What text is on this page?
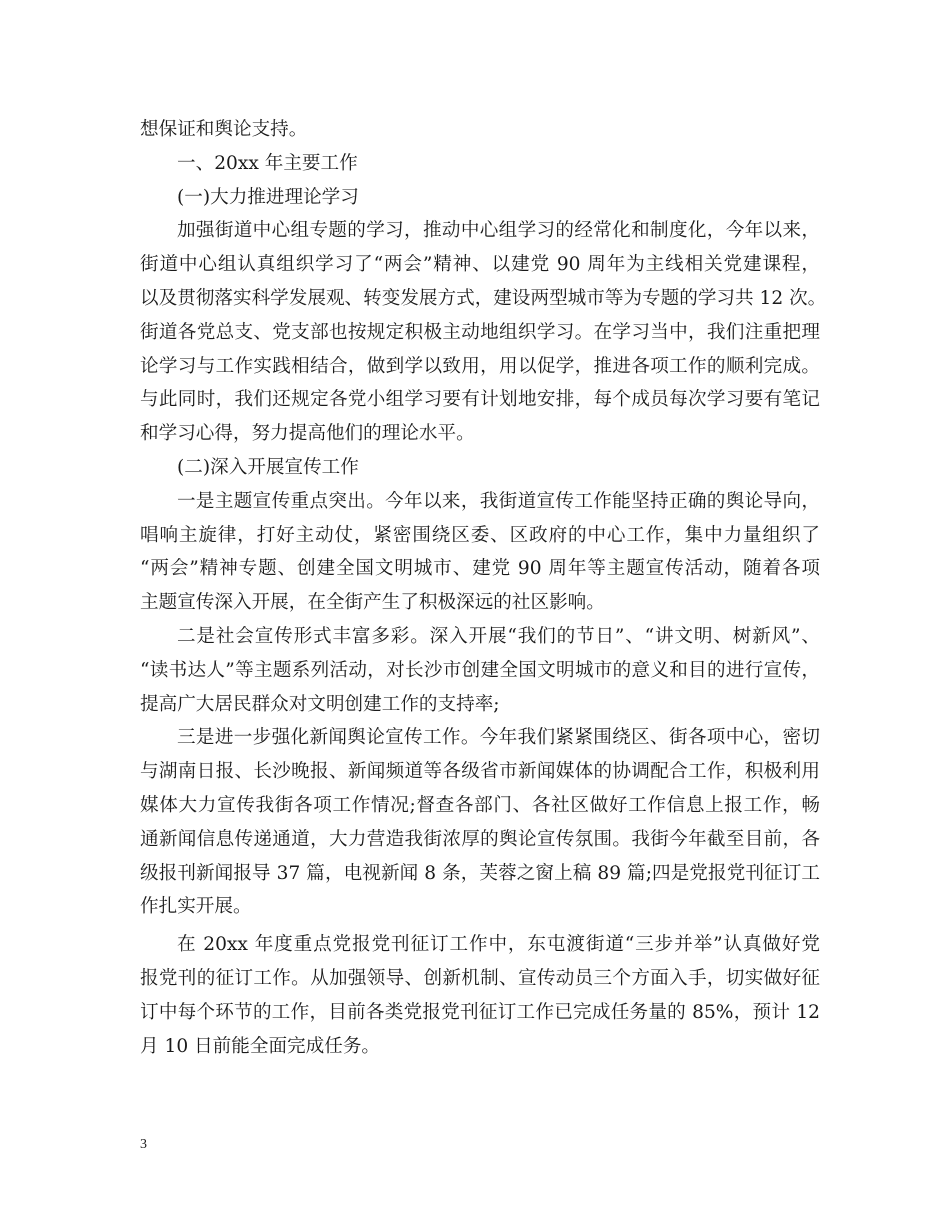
想保证和舆论支持。
一、20xx 年主要工作
(一)大力推进理论学习
加强街道中心组专题的学习，推动中心组学习的经常化和制度化，今年以来，
街道中心组认真组织学习了“两会”精神、以建党 90 周年为主线相关党建课程，
以及贯彻落实科学发展观、转变发展方式，建设两型城市等为专题的学习共 12 次。
街道各党总支、党支部也按规定积极主动地组织学习。在学习当中，我们注重把理
论学习与工作实践相结合，做到学以致用，用以促学，推进各项工作的顺利完成。
与此同时，我们还规定各党小组学习要有计划地安排，每个成员每次学习要有笔记
和学习心得，努力提高他们的理论水平。
(二)深入开展宣传工作
一是主题宣传重点突出。今年以来，我街道宣传工作能坚持正确的舆论导向，
唱响主旋律，打好主动仗，紧密围绕区委、区政府的中心工作，集中力量组织了
“两会”精神专题、创建全国文明城市、建党 90 周年等主题宣传活动，随着各项
主题宣传深入开展，在全街产生了积极深远的社区影响。
二是社会宣传形式丰富多彩。深入开展“我们的节日”、“讲文明、树新风”、
“读书达人”等主题系列活动，对长沙市创建全国文明城市的意义和目的进行宣传，
提高广大居民群众对文明创建工作的支持率;
三是进一步强化新闻舆论宣传工作。今年我们紧紧围绕区、街各项中心，密切
与湖南日报、长沙晚报、新闻频道等各级省市新闻媒体的协调配合工作，积极利用
媒体大力宣传我街各项工作情况;督查各部门、各社区做好工作信息上报工作，畅
通新闻信息传递通道，大力营造我街浓厚的舆论宣传氛围。我街今年截至目前，各
级报刊新闻报导 37 篇，电视新闻 8 条，芙蓉之窗上稿 89 篇;四是党报党刊征订工
作扎实开展。
在 20xx 年度重点党报党刊征订工作中，东屯渡街道“三步并举”认真做好党
报党刊的征订工作。从加强领导、创新机制、宣传动员三个方面入手，切实做好征
订中每个环节的工作，目前各类党报党刊征订工作已完成任务量的 85%，预计 12
月 10 日前能全面完成任务。
3
